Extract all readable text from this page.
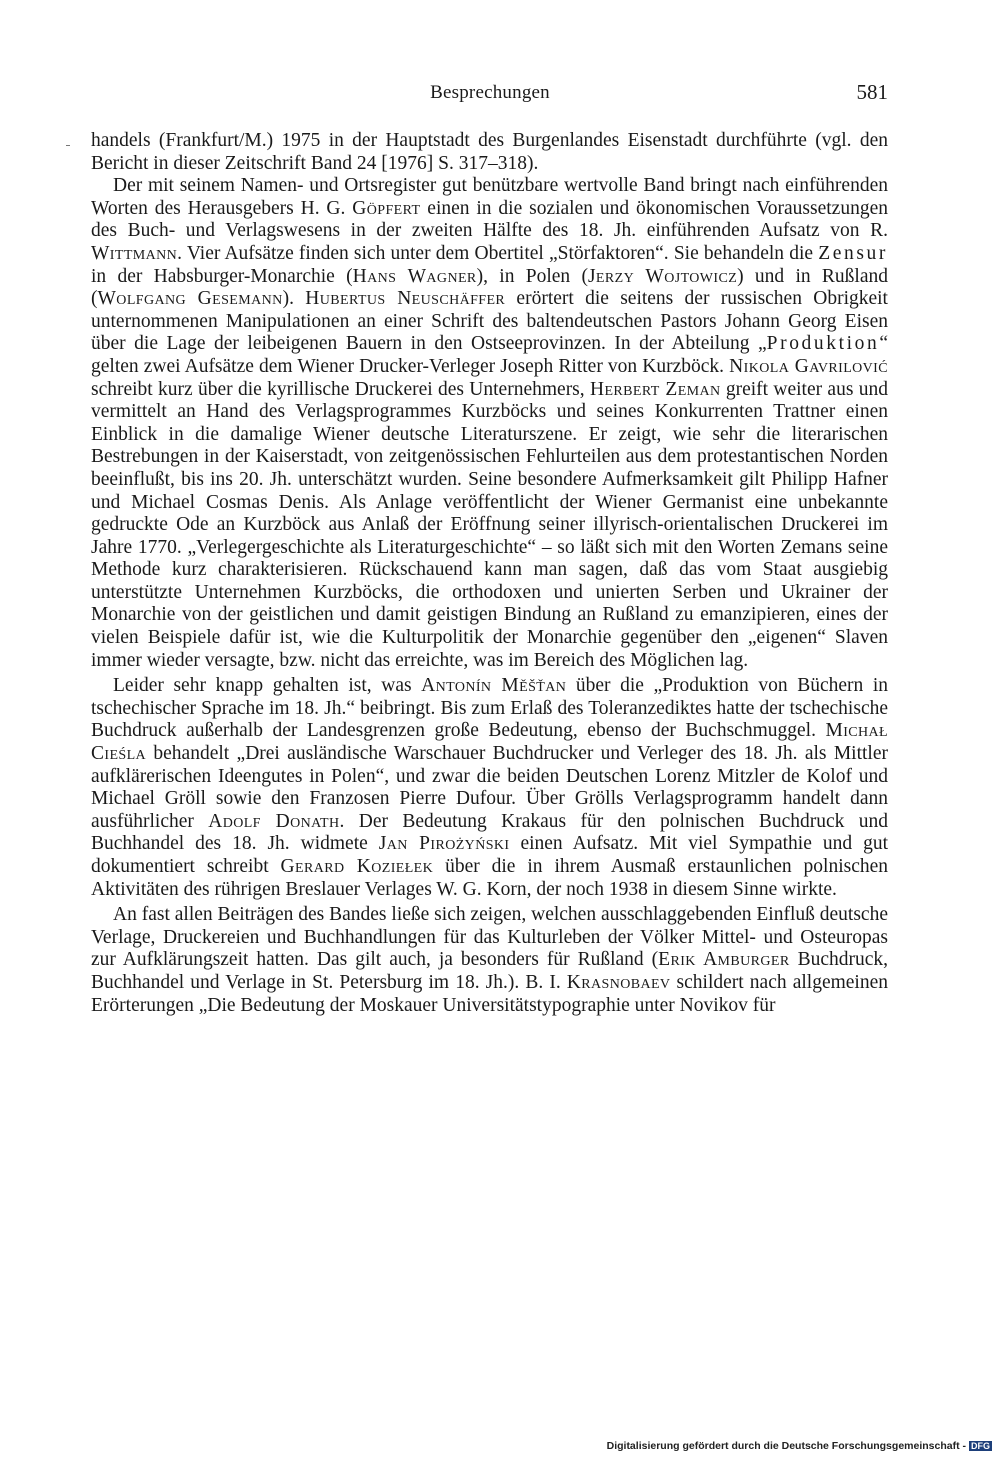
Besprechungen	581

handels (Frankfurt/M.) 1975 in der Hauptstadt des Burgenlandes Eisenstadt durchführte (vgl. den Bericht in dieser Zeitschrift Band 24 [1976] S. 317–318).

Der mit seinem Namen- und Ortsregister gut benützbare wertvolle Band bringt nach einführenden Worten des Herausgebers H. G. Göpfert einen in die sozialen und ökonomischen Voraussetzungen des Buch- und Verlagswesens in der zweiten Hälfte des 18. Jh. einführenden Aufsatz von R. Wittmann. Vier Aufsätze finden sich unter dem Obertitel „Störfaktoren“. Sie behandeln die Zensur in der Habsburger-Monarchie (Hans Wagner), in Polen (Jerzy Wojtowicz) und in Rußland (Wolfgang Gesemann). Hubertus Neuschäffer erörtert die seitens der russischen Obrigkeit unternommenen Manipulationen an einer Schrift des baltendeutschen Pastors Johann Georg Eisen über die Lage der leibeigenen Bauern in den Ostseeprovinzen. In der Abteilung „Produktion“ gelten zwei Aufsätze dem Wiener Drucker-Verleger Joseph Ritter von Kurzböck. Nikola Gavrilović schreibt kurz über die kyrillische Druckerei des Unternehmers, Herbert Zeman greift weiter aus und vermittelt an Hand des Verlagsprogrammes Kurzböcks und seines Konkurrenten Trattner einen Einblick in die damalige Wiener deutsche Literaturszene. Er zeigt, wie sehr die literarischen Bestrebungen in der Kaiserstadt, von zeitgenössischen Fehlurteilen aus dem protestantischen Norden beeinflußt, bis ins 20. Jh. unterschätzt wurden. Seine besondere Aufmerksamkeit gilt Philipp Hafner und Michael Cosmas Denis. Als Anlage veröffentlicht der Wiener Germanist eine unbekannte gedruckte Ode an Kurzböck aus Anlaß der Eröffnung seiner illyrisch-orientalischen Druckerei im Jahre 1770. „Verlegergeschichte als Literaturgeschichte“ – so läßt sich mit den Worten Zemans seine Methode kurz charakterisieren. Rückschauend kann man sagen, daß das vom Staat ausgiebig unterstützte Unternehmen Kurzböcks, die orthodoxen und unierten Serben und Ukrainer der Monarchie von der geistlichen und damit geistigen Bindung an Rußland zu emanzipieren, eines der vielen Beispiele dafür ist, wie die Kulturpolitik der Monarchie gegenüber den „eigenen“ Slaven immer wieder versagte, bzw. nicht das erreichte, was im Bereich des Möglichen lag.

Leider sehr knapp gehalten ist, was Antonín Měšťan über die „Produktion von Büchern in tschechischer Sprache im 18. Jh.“ beibringt. Bis zum Erlaß des Toleranzediktes hatte der tschechische Buchdruck außerhalb der Landesgrenzen große Bedeutung, ebenso der Buchschmuggel. Michał Cieśla behandelt „Drei ausländische Warschauer Buchdrucker und Verleger des 18. Jh. als Mittler aufklärerischen Ideengutes in Polen“, und zwar die beiden Deutschen Lorenz Mitzler de Kolof und Michael Gröll sowie den Franzosen Pierre Dufour. Über Grölls Verlagsprogramm handelt dann ausführlicher Adolf Donath. Der Bedeutung Krakaus für den polnischen Buchdruck und Buchhandel des 18. Jh. widmete Jan Pirożyński einen Aufsatz. Mit viel Sympathie und gut dokumentiert schreibt Gerard Koziełek über die in ihrem Ausmaß erstaunlichen polnischen Aktivitäten des rührigen Breslauer Verlages W. G. Korn, der noch 1938 in diesem Sinne wirkte.

An fast allen Beiträgen des Bandes ließe sich zeigen, welchen ausschlaggebenden Einfluß deutsche Verlage, Druckereien und Buchhandlungen für das Kulturleben der Völker Mittel- und Osteuropas zur Aufklärungszeit hatten. Das gilt auch, ja besonders für Rußland (Erik Amburger Buchdruck, Buchhandel und Verlage in St. Petersburg im 18. Jh.). B. I. Krasnobaev schildert nach allgemeinen Erörterungen „Die Bedeutung der Moskauer Universitätstypographie unter Novikov für

Digitalisierung gefördert durch die Deutsche Forschungsgemeinschaft - DFG
